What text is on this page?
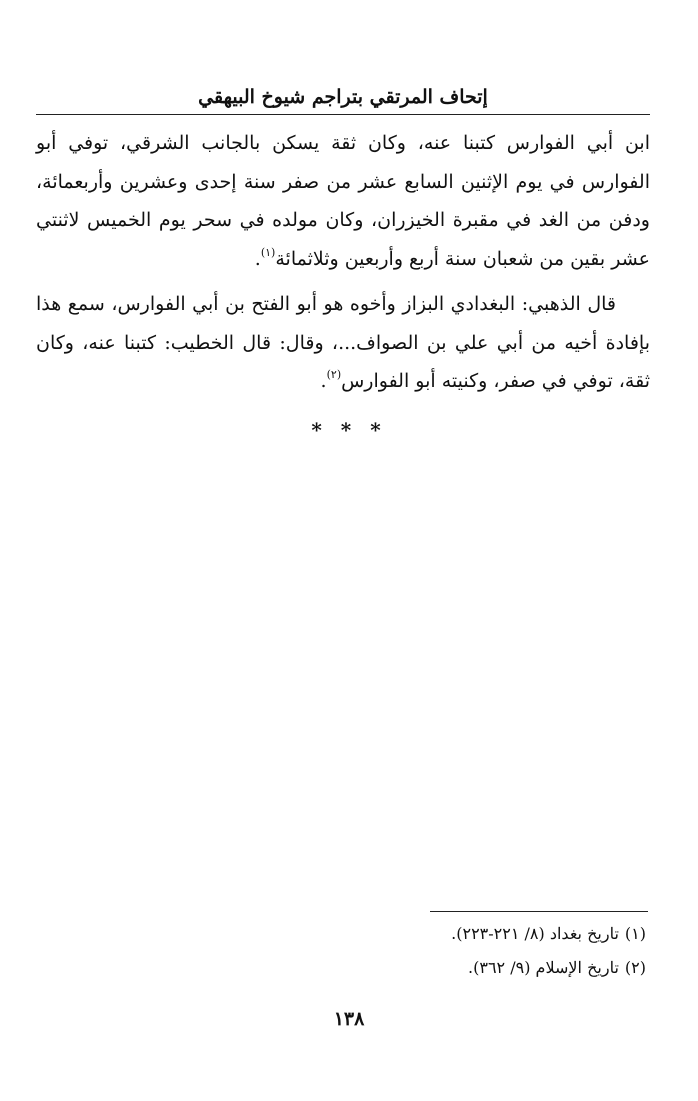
إتحاف المرتقي بتراجم شيوخ البيهقي

ابن أبي الفوارس كتبنا عنه، وكان ثقة يسكن بالجانب الشرقي، توفي أبو الفوارس في يوم الإثنين السابع عشر من صفر سنة إحدى وعشرين وأربعمائة، ودفن من الغد في مقبرة الخيزران، وكان مولده في سحر يوم الخميس لاثنتي عشر بقين من شعبان سنة أربع وأربعين وثلاثمائة$^{(١)}$.

قال الذهبي: البغدادي البزاز وأخوه هو أبو الفتح بن أبي الفوارس، سمع هذا بإفادة أخيه من أبي علي بن الصواف...، وقال: قال الخطيب: كتبنا عنه، وكان ثقة، توفي في صفر، وكنيته أبو الفوارس$^{(٢)}$.

* * *
(١)تاريخ بغداد (٨/ ٢٢١-٢٢٣).
(٢)تاريخ الإسلام (٩/ ٣٦٢).
١٣٨
